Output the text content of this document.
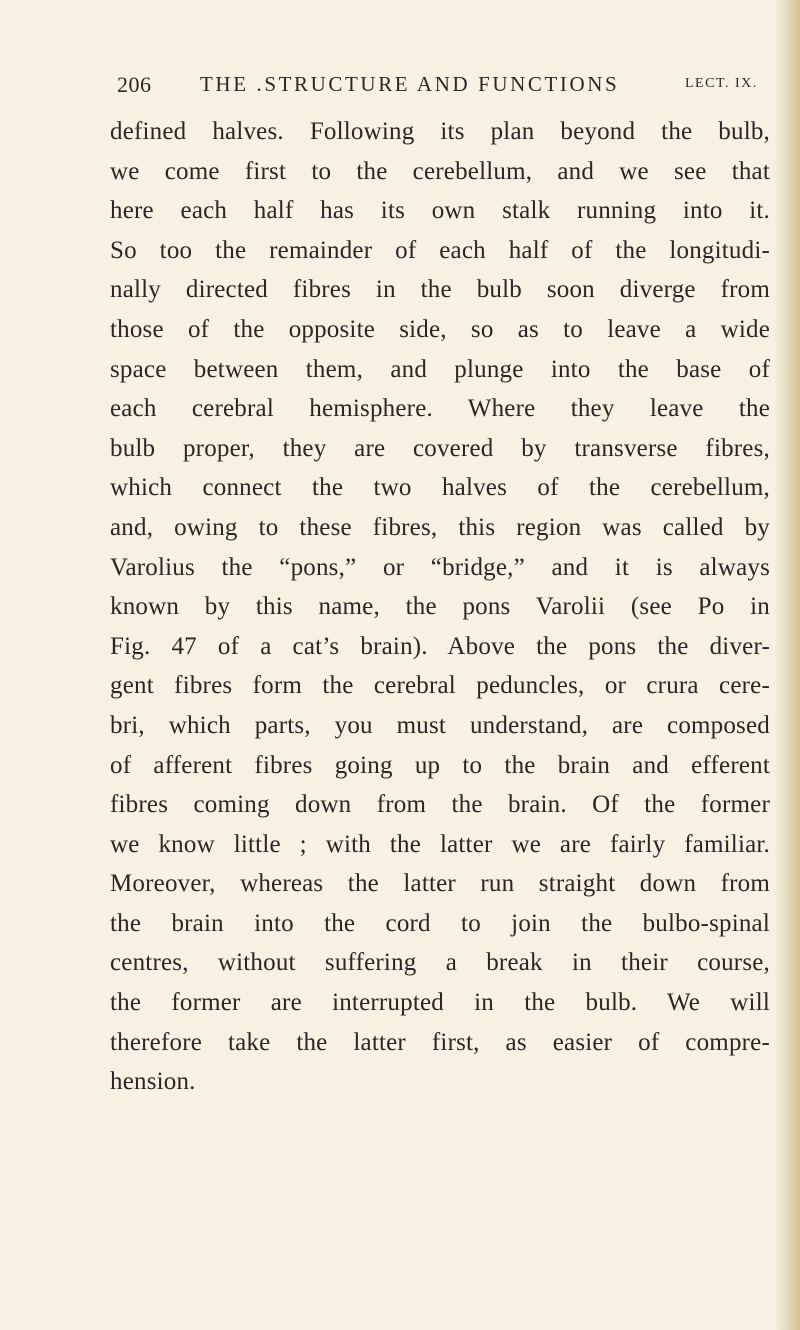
206 THE .STRUCTURE AND FUNCTIONS	LECT. IX.
defined halves. Following its plan beyond the bulb,
we come first to the cerebellum, and we see that
here each half has its own stalk running into it.
So too the remainder of each half of the longitudi-
nally directed fibres in the bulb soon diverge from
those of the opposite side, so as to leave a wide
space between them, and plunge into the base of
each cerebral hemisphere. Where they leave the
bulb proper, they are covered by transverse fibres,
which connect the two halves of the cerebellum,
and, owing to these fibres, this region was called by
Varolius the “pons,” or “bridge,” and it is always
known by this name, the pons Varolii (see Po in
Fig. 47 of a cat’s brain). Above the pons the diver-
gent fibres form the cerebral peduncles, or crura cere-
bri, which parts, you must understand, are composed
of afferent fibres going up to the brain and efferent
fibres coming down from the brain. Of the former
we know little ; with the latter we are fairly familiar.
Moreover, whereas the latter run straight down from
the brain into the cord to join the bulbo-spinal
centres, without suffering a break in their course,
the former are interrupted in the bulb. We will
therefore take the latter first, as easier of compre-
hension.
